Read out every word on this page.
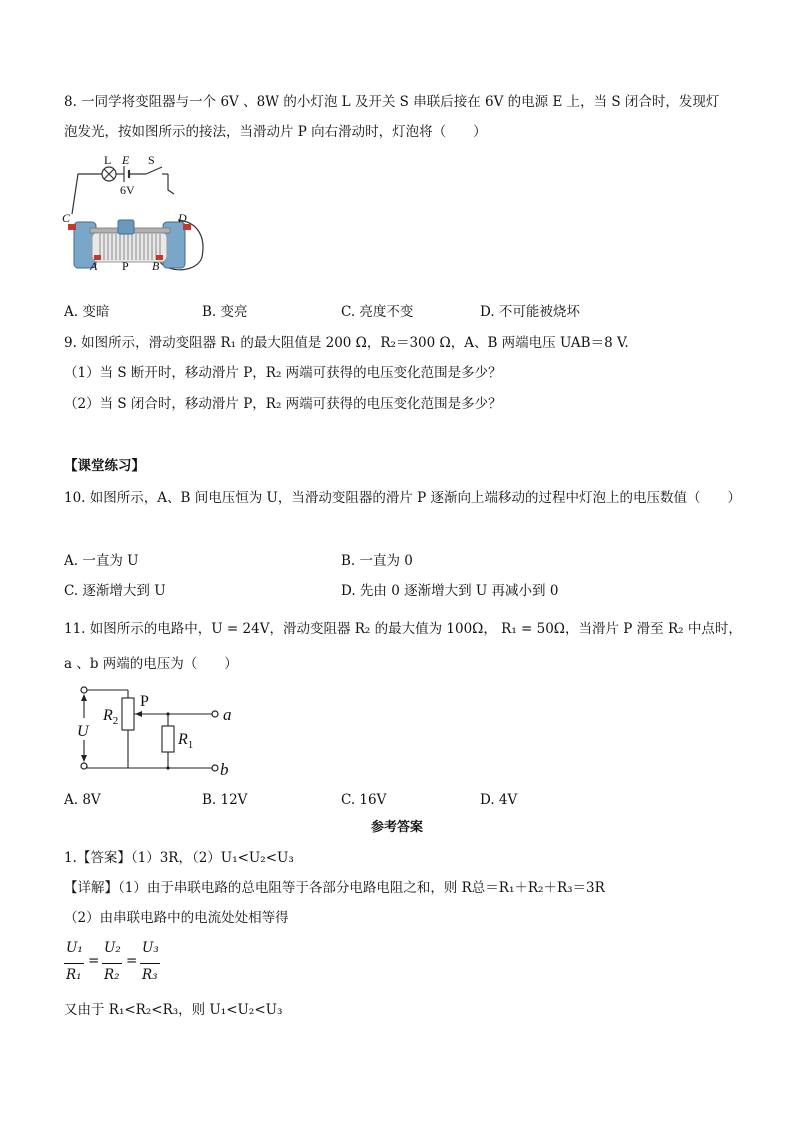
8. 一同学将变阻器与一个 6V 、8W 的小灯泡 L 及开关 S 串联后接在 6V 的电源 E 上，当 S 闭合时，发现灯
泡发光，按如图所示的接法，当滑动片 P 向右滑动时，灯泡将（　　）
L E S
6V
C	D
A P B
A. 变暗	B. 变亮	C. 亮度不变	D. 不可能被烧坏
9. 如图所示，滑动变阻器 R₁ 的最大阻值是 200 Ω，R₂＝300 Ω，A、B 两端电压 UAB＝8 V.
（1）当 S 断开时，移动滑片 P，R₂ 两端可获得的电压变化范围是多少？
（2）当 S 闭合时，移动滑片 P，R₂ 两端可获得的电压变化范围是多少？
【课堂练习】
10. 如图所示，A、B 间电压恒为 U，当滑动变阻器的滑片 P 逐渐向上端移动的过程中灯泡上的电压数值（　　）
A. 一直为 U	B. 一直为 0
C. 逐渐增大到 U	D. 先由 0 逐渐增大到 U 再减小到 0
11. 如图所示的电路中，U = 24V，滑动变阻器 R₂ 的最大值为 100Ω， R₁ = 50Ω，当滑片 P 滑至 R₂ 中点时，
a 、b 两端的电压为（　　）
$R_2$
P
a
U	$R_1$
b
A. 8V	B. 12V	C. 16V	D. 4V
参考答案
1.【答案】（1）3R，（2）U₁<U₂<U₃
【详解】（1）由于串联电路的总电阻等于各部分电路电阻之和，则 R总＝R₁＋R₂＋R₃＝3R
（2）由串联电路中的电流处处相等得
U₁
R₁
=
U₂
R₂
=
U₃
R₃
又由于 R₁<R₂<R₃，则 U₁<U₂<U₃
